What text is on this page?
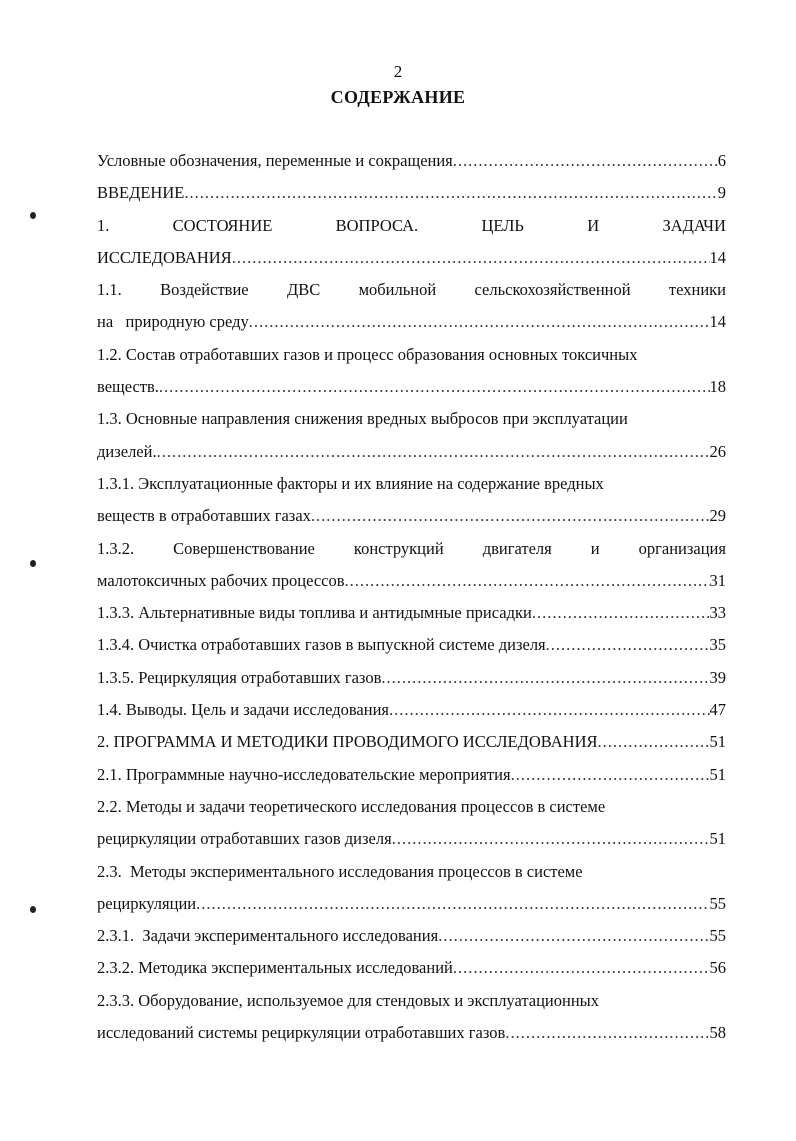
2
СОДЕРЖАНИЕ
Условные обозначения, переменные и сокращения .....	6
ВВЕДЕНИЕ .....	9
1.	СОСТОЯНИЕ	ВОПРОСА.	ЦЕЛЬ	И	ЗАДАЧИ
ИССЛЕДОВАНИЯ .....	14
1.1. Воздействие ДВС мобильной сельскохозяйственной техники
на   природную среду .....	14
1.2. Состав отработавших газов и процесс образования основных токсичных
веществ. .....	18
1.3. Основные направления снижения вредных выбросов при эксплуатации
дизелей. .....	26
1.3.1. Эксплуатационные факторы и их влияние на содержание вредных
веществ в отработавших газах .....	29
1.3.2. Совершенствование конструкций двигателя и организация
малотоксичных рабочих процессов .....	31
1.3.3. Альтернативные виды топлива и антидымные присадки .....	33
1.3.4. Очистка отработавших газов в выпускной системе дизеля .....	35
1.3.5. Рециркуляция отработавших газов .....	39
1.4. Выводы. Цель и задачи исследования .....	47
2. ПРОГРАММА И МЕТОДИКИ ПРОВОДИМОГО ИССЛЕДОВАНИЯ .....	51
2.1. Программные научно-исследовательские мероприятия .....	51
2.2. Методы и задачи теоретического исследования процессов в системе
рециркуляции отработавших газов дизеля .....	51
2.3.  Методы экспериментального исследования процессов в системе
рециркуляции .....	55
2.3.1.  Задачи экспериментального исследования .....	55
2.3.2. Методика экспериментальных исследований .....	56
2.3.3. Оборудование, используемое для стендовых и эксплуатационных
исследований системы рециркуляции отработавших газов .....	58
